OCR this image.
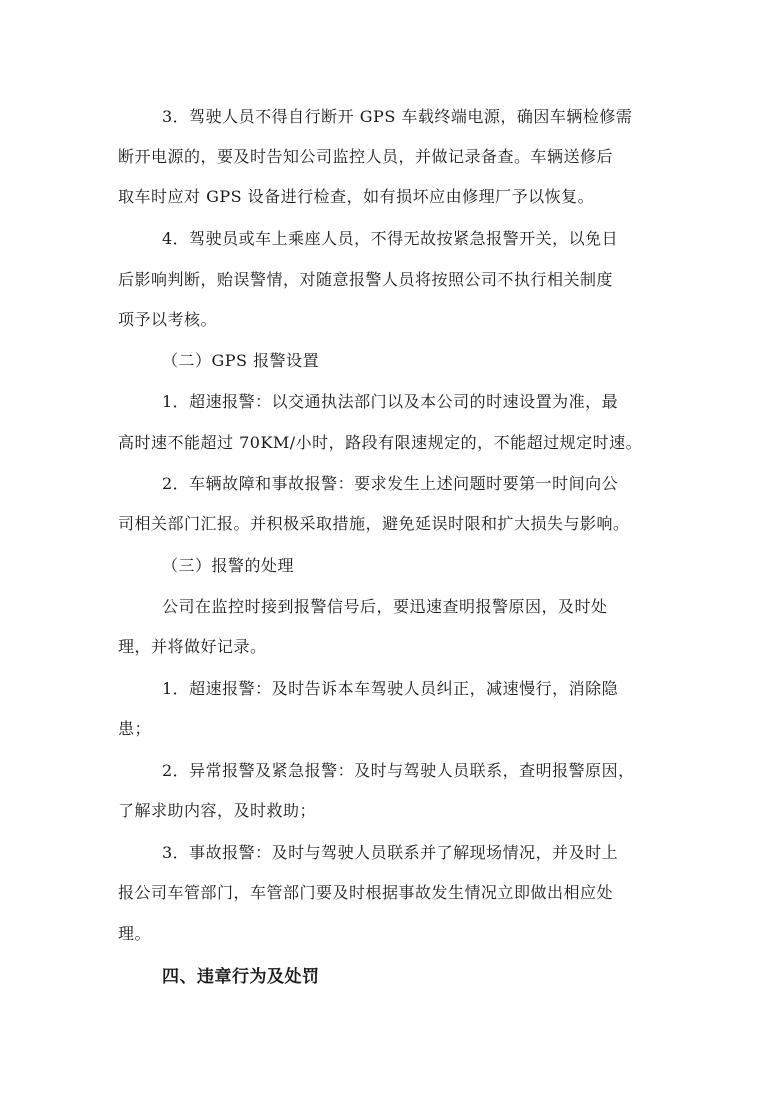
3．驾驶人员不得自行断开 GPS 车载终端电源，确因车辆检修需
断开电源的，要及时告知公司监控人员，并做记录备查。车辆送修后
取车时应对 GPS 设备进行检查，如有损坏应由修理厂予以恢复。
4．驾驶员或车上乘座人员，不得无故按紧急报警开关，以免日
后影响判断，贻误警情，对随意报警人员将按照公司不执行相关制度
项予以考核。
（二）GPS 报警设置
1．超速报警：以交通执法部门以及本公司的时速设置为准，最
高时速不能超过 70KM/小时，路段有限速规定的，不能超过规定时速。
2．车辆故障和事故报警：要求发生上述问题时要第一时间向公
司相关部门汇报。并积极采取措施，避免延误时限和扩大损失与影响。
（三）报警的处理
公司在监控时接到报警信号后，要迅速查明报警原因，及时处
理，并将做好记录。
1．超速报警：及时告诉本车驾驶人员纠正，减速慢行，消除隐
患；
2．异常报警及紧急报警：及时与驾驶人员联系，查明报警原因，
了解求助内容，及时救助；
3．事故报警：及时与驾驶人员联系并了解现场情况，并及时上
报公司车管部门，车管部门要及时根据事故发生情况立即做出相应处
理。
四、违章行为及处罚
